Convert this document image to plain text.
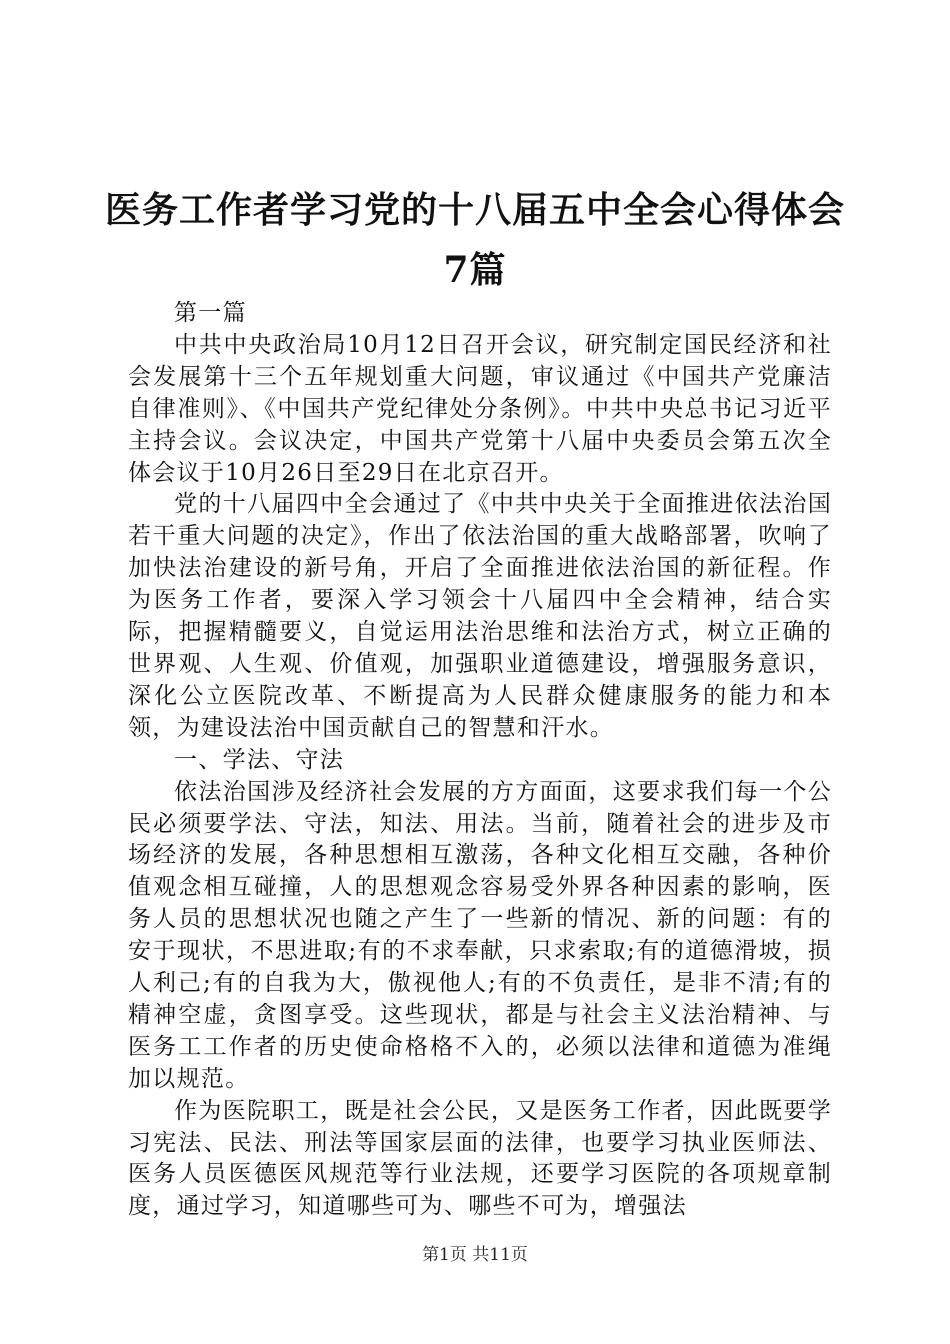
医务工作者学习党的十八届五中全会心得体会
7篇

第一篇

中共中央政治局10月12日召开会议，研究制定国民经济和社会发展第十三个五年规划重大问题，审议通过《中国共产党廉洁自律准则》、《中国共产党纪律处分条例》。中共中央总书记习近平主持会议。会议决定，中国共产党第十八届中央委员会第五次全体会议于10月26日至29日在北京召开。

党的十八届四中全会通过了《中共中央关于全面推进依法治国若干重大问题的决定》，作出了依法治国的重大战略部署，吹响了加快法治建设的新号角，开启了全面推进依法治国的新征程。作为医务工作者，要深入学习领会十八届四中全会精神，结合实际，把握精髓要义，自觉运用法治思维和法治方式，树立正确的世界观、人生观、价值观，加强职业道德建设，增强服务意识，深化公立医院改革、不断提高为人民群众健康服务的能力和本领，为建设法治中国贡献自己的智慧和汗水。

一、学法、守法

依法治国涉及经济社会发展的方方面面，这要求我们每一个公民必须要学法、守法，知法、用法。当前，随着社会的进步及市场经济的发展，各种思想相互激荡，各种文化相互交融，各种价值观念相互碰撞，人的思想观念容易受外界各种因素的影响，医务人员的思想状况也随之产生了一些新的情况、新的问题：有的安于现状，不思进取;有的不求奉献，只求索取;有的道德滑坡，损人利己;有的自我为大，傲视他人;有的不负责任，是非不清;有的精神空虚，贪图享受。这些现状，都是与社会主义法治精神、与医务工工作者的历史使命格格不入的，必须以法律和道德为准绳加以规范。

作为医院职工，既是社会公民，又是医务工作者，因此既要学习宪法、民法、刑法等国家层面的法律，也要学习执业医师法、医务人员医德医风规范等行业法规，还要学习医院的各项规章制度，通过学习，知道哪些可为、哪些不可为，增强法

第1页 共11页
